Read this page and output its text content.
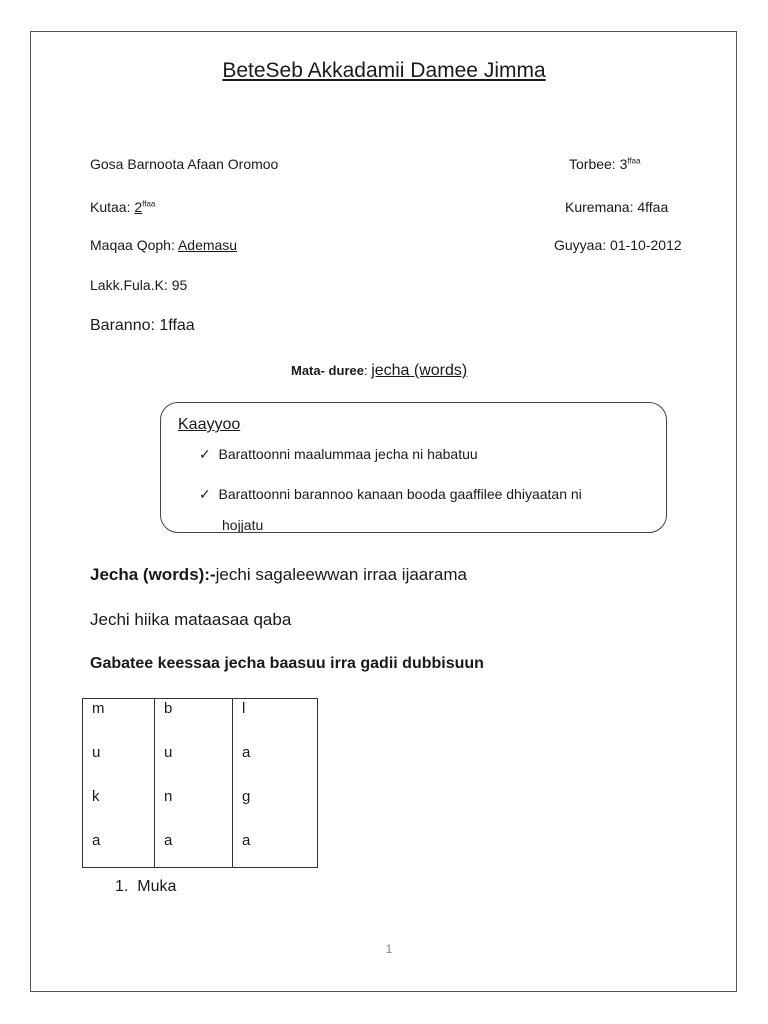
BeteSeb Akkadamii Damee Jimma
Gosa Barnoota Afaan Oromoo	Torbee: $3^{ffaa}$
Kutaa: $2^{ffaa}$	Kuremana: 4ffaa
Maqaa Qoph: Ademasu	Guyyaa: 01-10-2012
Lakk.Fula.K: 95
Baranno: 1ffaa
Mata- duree: jecha (words)
Kaayyoo
✓ Barattoonni maalummaa jecha ni habatuu
✓ Barattoonni barannoo kanaan booda gaaffilee dhiyaatan ni
hojjatu
Jecha (words):-jechi sagaleewwan irraa ijaarama
Jechi hiika mataasaa qaba
Gabatee keessaa jecha baasuu irra gadii dubbisuun
m	b	l
u	u	a
k	n	g
a	a	a
1. Muka
1
